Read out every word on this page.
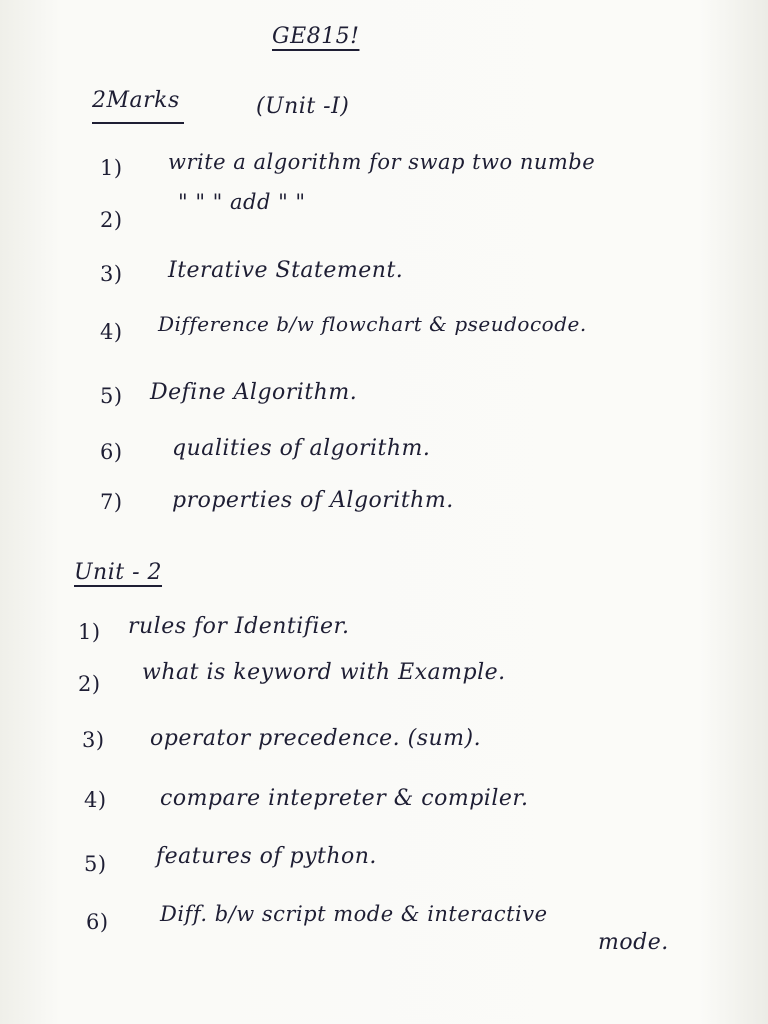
GE815!
2Marks	(Unit -I)
1) write a algorithm for swap two numbe
2)
" " " add " "
3) Iterative Statement.
4) Difference b/w flowchart & pseudocode.
5) Define Algorithm.
6) qualities of algorithm.
7) properties of Algorithm.
Unit - 2
1) rules for Identifier.
2) what is keyword with Example.
3) operator precedence. (sum).
4) compare intepreter & compiler.
5) features of python.
6) Diff. b/w script mode & interactive
mode.
